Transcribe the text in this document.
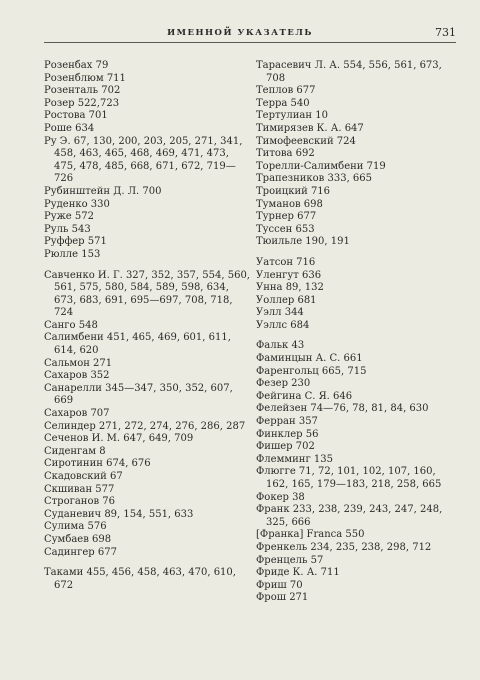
ИМЕННОЙ УКАЗАТЕЛЬ	731
Розенбах 79
Розенблюм 711
Розенталь 702
Розер 522,723
Ростова 701
Роше 634
Ру Э. 67, 130, 200, 203, 205, 271, 341, 458, 463, 465, 468, 469, 471, 473, 475, 478, 485, 668, 671, 672, 719—726
Рубинштейн Д. Л. 700
Руденко 330
Руже 572
Руль 543
Руффер 571
Рюлле 153
Савченко И. Г. 327, 352, 357, 554, 560, 561, 575, 580, 584, 589, 598, 634, 673, 683, 691, 695—697, 708, 718, 724
Санго 548
Салимбени 451, 465, 469, 601, 611, 614, 620
Сальмон 271
Сахаров 352
Санарелли 345—347, 350, 352, 607, 669
Сахаров 707
Селиндер 271, 272, 274, 276, 286, 287
Сеченов И. М. 647, 649, 709
Сиденгам 8
Сиротинин 674, 676
Скадовский 67
Скшиван 577
Строганов 76
Суданевич 89, 154, 551, 633
Сулима 576
Сумбаев 698
Садингер 677
Таками 455, 456, 458, 463, 470, 610, 672
Тарасевич Л. А. 554, 556, 561, 673, 708
Теплов 677
Терра 540
Тертулиан 10
Тимирязев К. А. 647
Тимофеевский 724
Титова 692
Торелли-Салимбени 719
Трапезников 333, 665
Троицкий 716
Туманов 698
Турнер 677
Туссен 653
Тюильле 190, 191
Уатсон 716
Уленгут 636
Унна 89, 132
Уоллер 681
Уэлл 344
Уэллс 684
Фальк 43
Фаминцын А. С. 661
Фаренгольц 665, 715
Фезер 230
Фейгина С. Я. 646
Фелейзен 74—76, 78, 81, 84, 630
Ферран 357
Финклер 56
Фишер 702
Флемминг 135
Флюгге 71, 72, 101, 102, 107, 160, 162, 165, 179—183, 218, 258, 665
Фокер 38
Франк 233, 238, 239, 243, 247, 248, 325, 666
[Франка] Franca 550
Френкель 234, 235, 238, 298, 712
Френцель 57
Фриде К. А. 711
Фриш 70
Фрош 271
